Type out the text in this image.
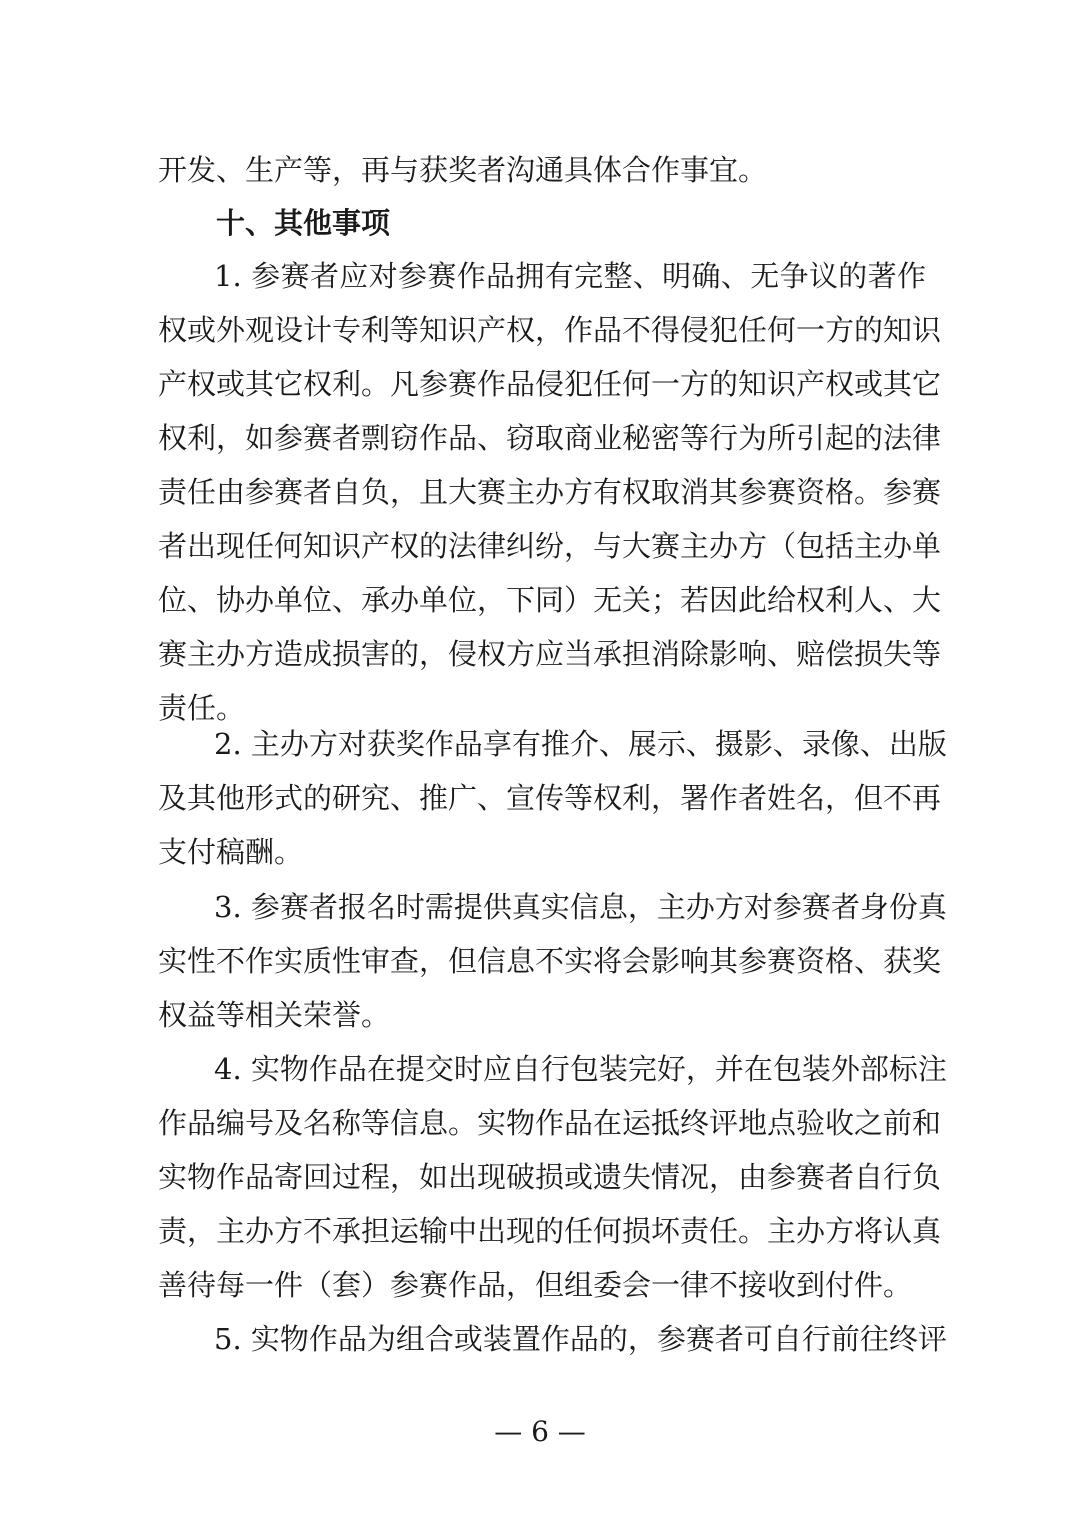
开发、生产等，再与获奖者沟通具体合作事宜。
十、其他事项
1. 参赛者应对参赛作品拥有完整、明确、无争议的著作
权或外观设计专利等知识产权，作品不得侵犯任何一方的知识
产权或其它权利。凡参赛作品侵犯任何一方的知识产权或其它
权利，如参赛者剽窃作品、窃取商业秘密等行为所引起的法律
责任由参赛者自负，且大赛主办方有权取消其参赛资格。参赛
者出现任何知识产权的法律纠纷，与大赛主办方（包括主办单
位、协办单位、承办单位，下同）无关；若因此给权利人、大
赛主办方造成损害的，侵权方应当承担消除影响、赔偿损失等
责任。
2. 主办方对获奖作品享有推介、展示、摄影、录像、出版
及其他形式的研究、推广、宣传等权利，署作者姓名，但不再
支付稿酬。
3. 参赛者报名时需提供真实信息，主办方对参赛者身份真
实性不作实质性审查，但信息不实将会影响其参赛资格、获奖
权益等相关荣誉。
4. 实物作品在提交时应自行包装完好，并在包装外部标注
作品编号及名称等信息。实物作品在运抵终评地点验收之前和
实物作品寄回过程，如出现破损或遗失情况，由参赛者自行负
责，主办方不承担运输中出现的任何损坏责任。主办方将认真
善待每一件（套）参赛作品，但组委会一律不接收到付件。
5. 实物作品为组合或装置作品的，参赛者可自行前往终评
— 6 —
